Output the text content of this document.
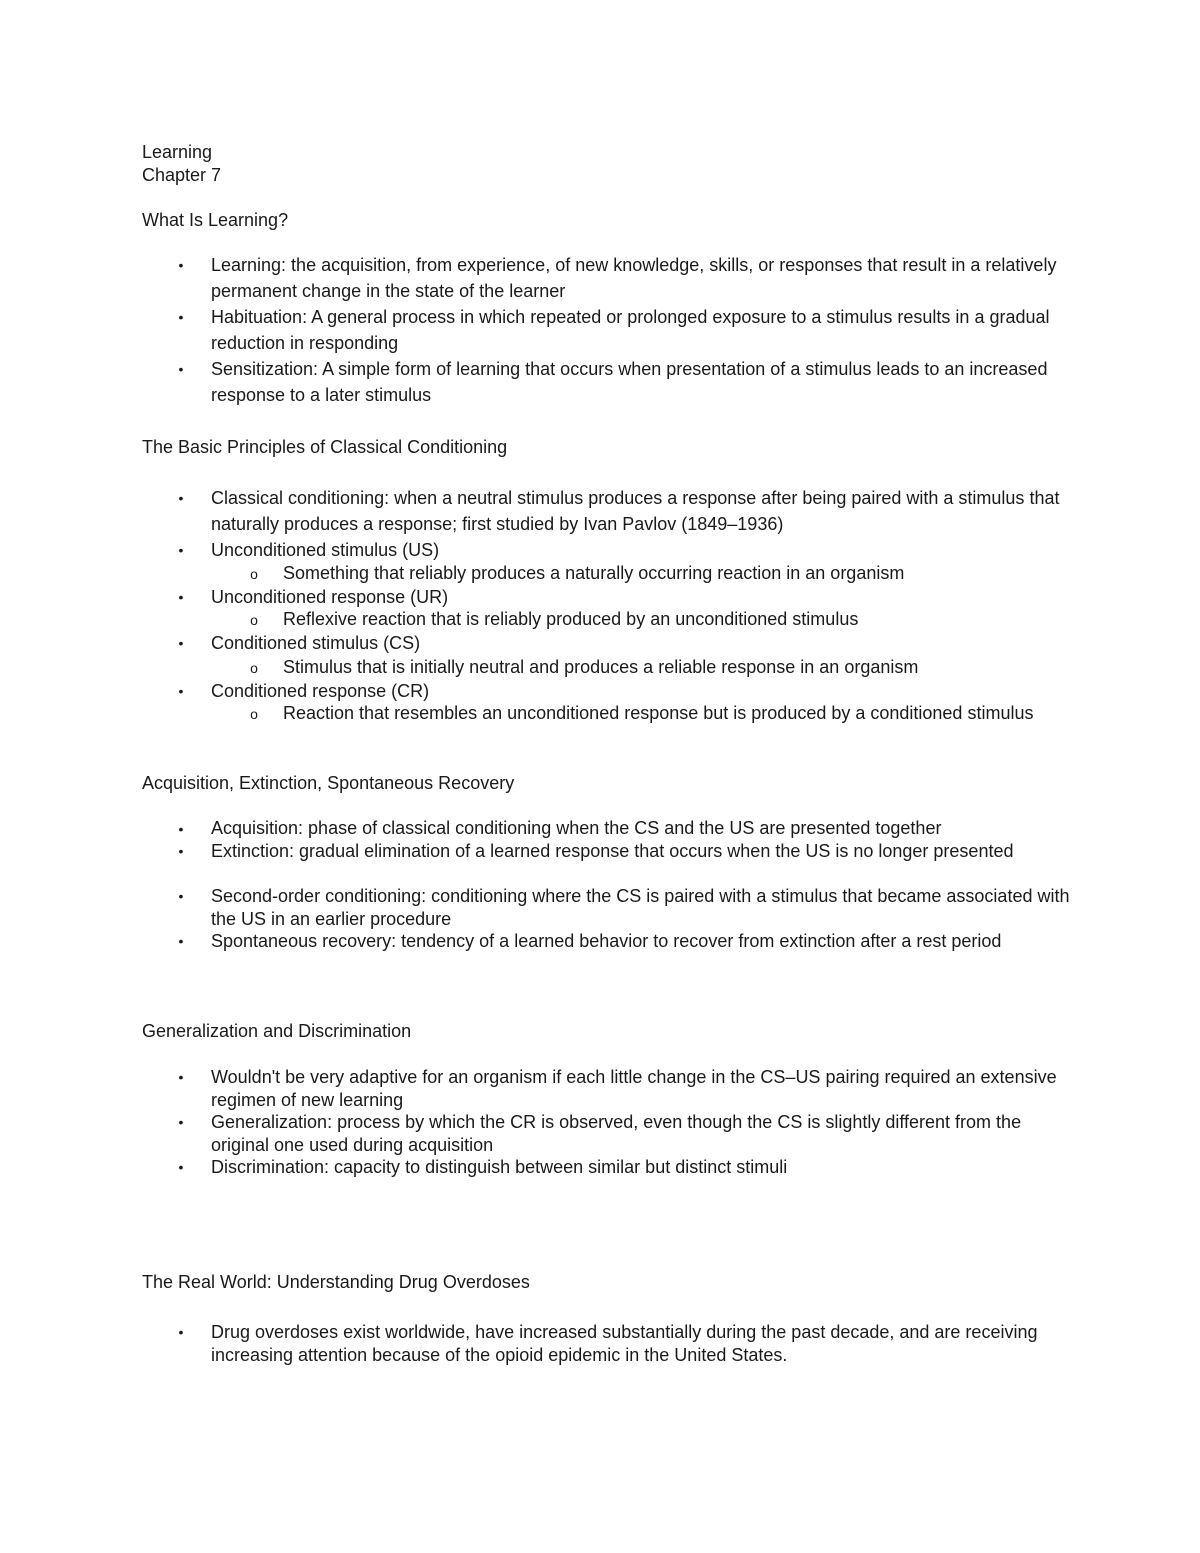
Learning
Chapter 7
What Is Learning?
•	Learning: the acquisition, from experience, of new knowledge, skills, or responses that result in a relatively permanent change in the state of the learner
•	Habituation: A general process in which repeated or prolonged exposure to a stimulus results in a gradual reduction in responding
•	Sensitization: A simple form of learning that occurs when presentation of a stimulus leads to an increased response to a later stimulus
The Basic Principles of Classical Conditioning
•	Classical conditioning: when a neutral stimulus produces a response after being paired with a stimulus that naturally produces a response; first studied by Ivan Pavlov (1849–1936)
•	Unconditioned stimulus (US)
o Something that reliably produces a naturally occurring reaction in an organism
•	Unconditioned response (UR)
o Reflexive reaction that is reliably produced by an unconditioned stimulus
•	Conditioned stimulus (CS)
o Stimulus that is initially neutral and produces a reliable response in an organism
•	Conditioned response (CR)
o Reaction that resembles an unconditioned response but is produced by a conditioned stimulus
Acquisition, Extinction, Spontaneous Recovery
•	Acquisition: phase of classical conditioning when the CS and the US are presented together
•	Extinction: gradual elimination of a learned response that occurs when the US is no longer presented
•	Second-order conditioning: conditioning where the CS is paired with a stimulus that became associated with the US in an earlier procedure
•	Spontaneous recovery: tendency of a learned behavior to recover from extinction after a rest period
Generalization and Discrimination
•	Wouldn't be very adaptive for an organism if each little change in the CS–US pairing required an extensive regimen of new learning
•	Generalization: process by which the CR is observed, even though the CS is slightly different from the original one used during acquisition
•	Discrimination: capacity to distinguish between similar but distinct stimuli
The Real World: Understanding Drug Overdoses
•	Drug overdoses exist worldwide, have increased substantially during the past decade, and are receiving increasing attention because of the opioid epidemic in the United States.
